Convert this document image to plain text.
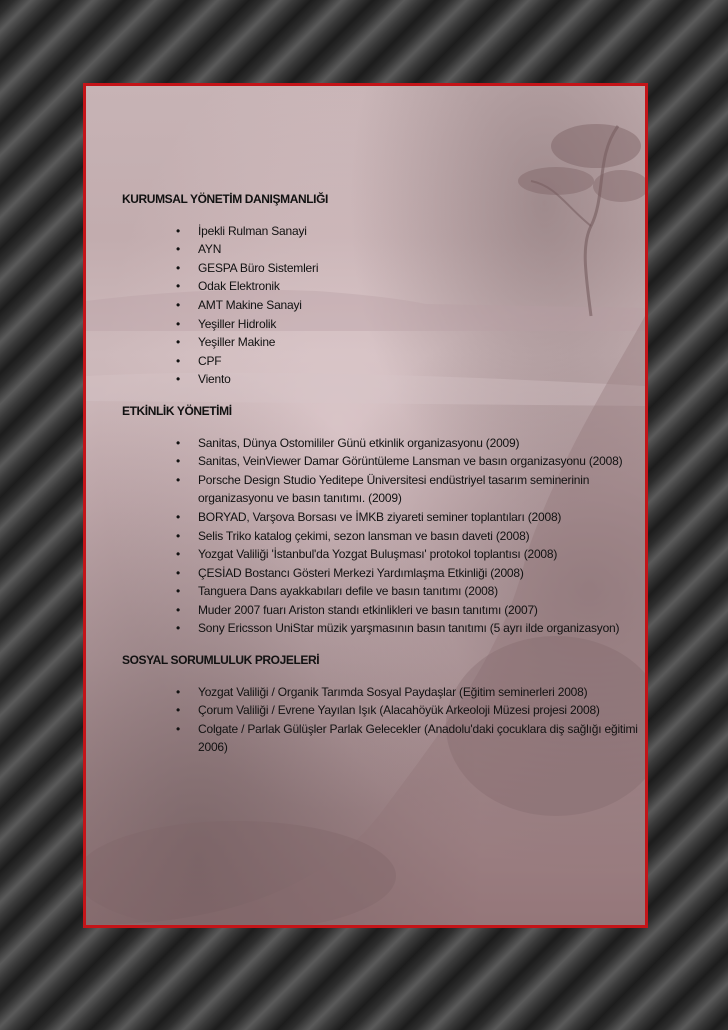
KURUMSAL YÖNETİM DANIŞMANLIĞI

• İpekli Rulman Sanayi
• AYN
• GESPA Büro Sistemleri
• Odak Elektronik
• AMT Makine Sanayi
• Yeşiller Hidrolik
• Yeşiller Makine
• CPF
• Viento

ETKİNLİK YÖNETİMİ

• Sanitas, Dünya Ostomililer Günü etkinlik organizasyonu (2009)
• Sanitas, VeinViewer Damar Görüntüleme Lansman ve basın organizasyonu (2008)
• Porsche Design Studio Yeditepe Üniversitesi endüstriyel tasarım seminerinin organizasyonu ve basın tanıtımı. (2009)
• BORYAD, Varşova Borsası ve İMKB ziyareti seminer toplantıları (2008)
• Selis Triko katalog çekimi, sezon lansman ve basın daveti (2008)
• Yozgat Valiliği 'İstanbul'da Yozgat Buluşması' protokol toplantısı (2008)
• ÇESİAD Bostancı Gösteri Merkezi Yardımlaşma Etkinliği (2008)
• Tanguera Dans ayakkabıları defile ve basın tanıtımı (2008)
• Muder 2007 fuarı Ariston standı etkinlikleri ve basın tanıtımı (2007)
• Sony Ericsson UniStar müzik yarşmasının basın tanıtımı (5 ayrı ilde organizasyon)

SOSYAL SORUMLULUK PROJELERİ

• Yozgat Valiliği / Organik Tarımda Sosyal Paydaşlar (Eğitim seminerleri 2008)
• Çorum Valiliği / Evrene Yayılan Işık (Alacahöyük Arkeoloji Müzesi projesi 2008)
• Colgate / Parlak Gülüşler Parlak Gelecekler (Anadolu'daki çocuklara diş sağlığı eğitimi 2006)
